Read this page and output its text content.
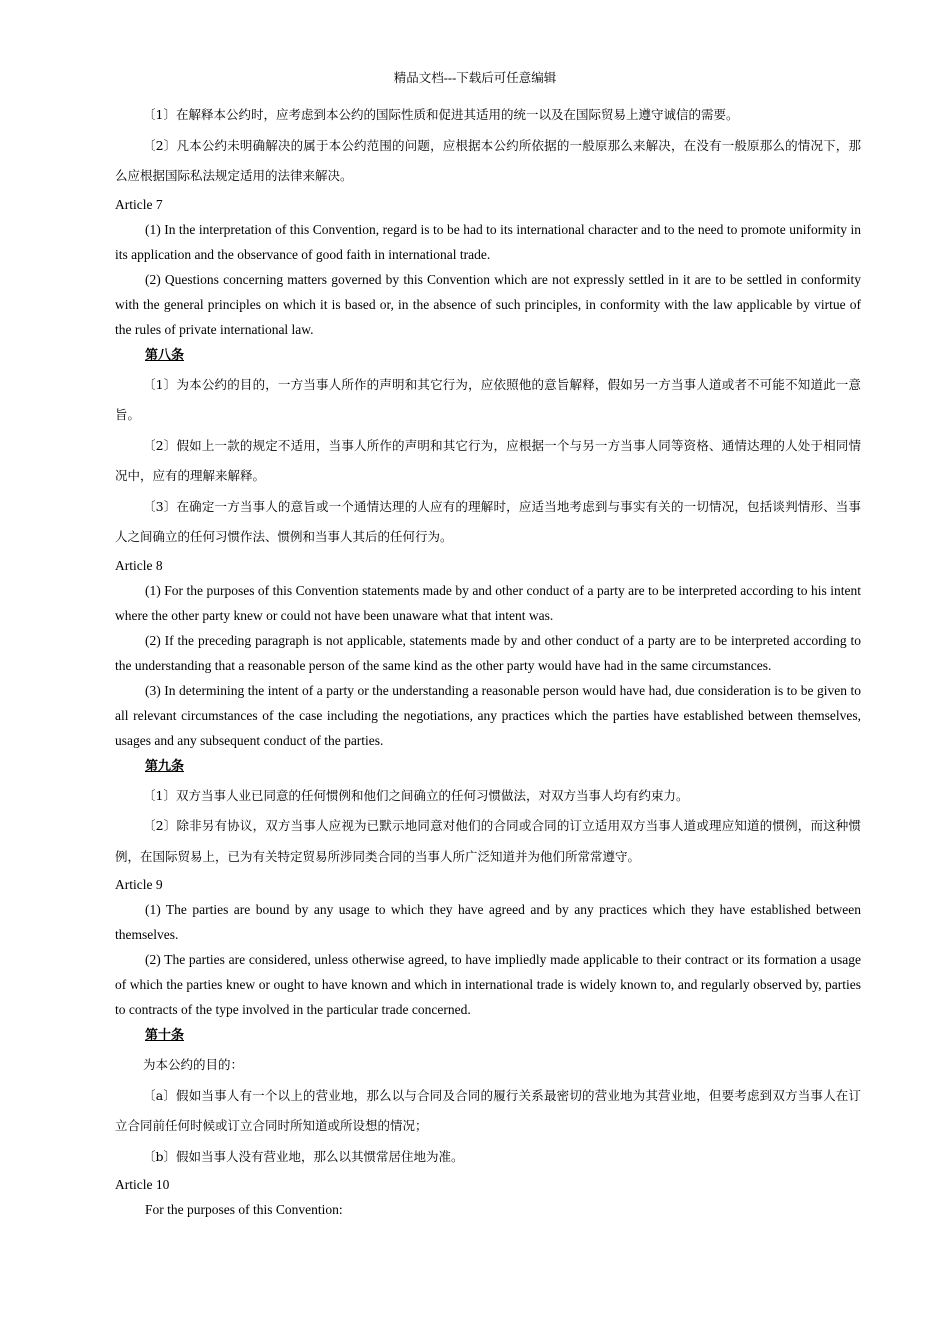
精品文档---下载后可任意编辑

〔1〕在解释本公约时，应考虑到本公约的国际性质和促进其适用的统一以及在国际贸易上遵守诚信的需要。

〔2〕凡本公约未明确解决的属于本公约范围的问题，应根据本公约所依据的一般原那么来解决，在没有一般原那么的情况下，那么应根据国际私法规定适用的法律来解决。

Article 7

(1) In the interpretation of this Convention, regard is to be had to its international character and to the need to promote uniformity in its application and the observance of good faith in international trade.

(2) Questions concerning matters governed by this Convention which are not expressly settled in it are to be settled in conformity with the general principles on which it is based or, in the absence of such principles, in conformity with the law applicable by virtue of the rules of private international law.

第八条

〔1〕为本公约的目的，一方当事人所作的声明和其它行为，应依照他的意旨解释，假如另一方当事人道或者不可能不知道此一意旨。

〔2〕假如上一款的规定不适用，当事人所作的声明和其它行为，应根据一个与另一方当事人同等资格、通情达理的人处于相同情况中，应有的理解来解释。

〔3〕在确定一方当事人的意旨或一个通情达理的人应有的理解时，应适当地考虑到与事实有关的一切情况，包括谈判情形、当事人之间确立的任何习惯作法、惯例和当事人其后的任何行为。

Article 8

(1) For the purposes of this Convention statements made by and other conduct of a party are to be interpreted according to his intent where the other party knew or could not have been unaware what that intent was.

(2) If the preceding paragraph is not applicable, statements made by and other conduct of a party are to be interpreted according to the understanding that a reasonable person of the same kind as the other party would have had in the same circumstances.

(3) In determining the intent of a party or the understanding a reasonable person would have had, due consideration is to be given to all relevant circumstances of the case including the negotiations, any practices which the parties have established between themselves, usages and any subsequent conduct of the parties.

第九条

〔1〕双方当事人业已同意的任何惯例和他们之间确立的任何习惯做法，对双方当事人均有约束力。

〔2〕除非另有协议，双方当事人应视为已默示地同意对他们的合同或合同的订立适用双方当事人道或理应知道的惯例，而这种惯例，在国际贸易上，已为有关特定贸易所涉同类合同的当事人所广泛知道并为他们所常常遵守。

Article 9

(1) The parties are bound by any usage to which they have agreed and by any practices which they have established between themselves.

(2) The parties are considered, unless otherwise agreed, to have impliedly made applicable to their contract or its formation a usage of which the parties knew or ought to have known and which in international trade is widely known to, and regularly observed by, parties to contracts of the type involved in the particular trade concerned.

第十条

为本公约的目的：

〔a〕假如当事人有一个以上的营业地，那么以与合同及合同的履行关系最密切的营业地为其营业地，但要考虑到双方当事人在订立合同前任何时候或订立合同时所知道或所设想的情况；

〔b〕假如当事人没有营业地，那么以其惯常居住地为准。

Article 10

For the purposes of this Convention:
